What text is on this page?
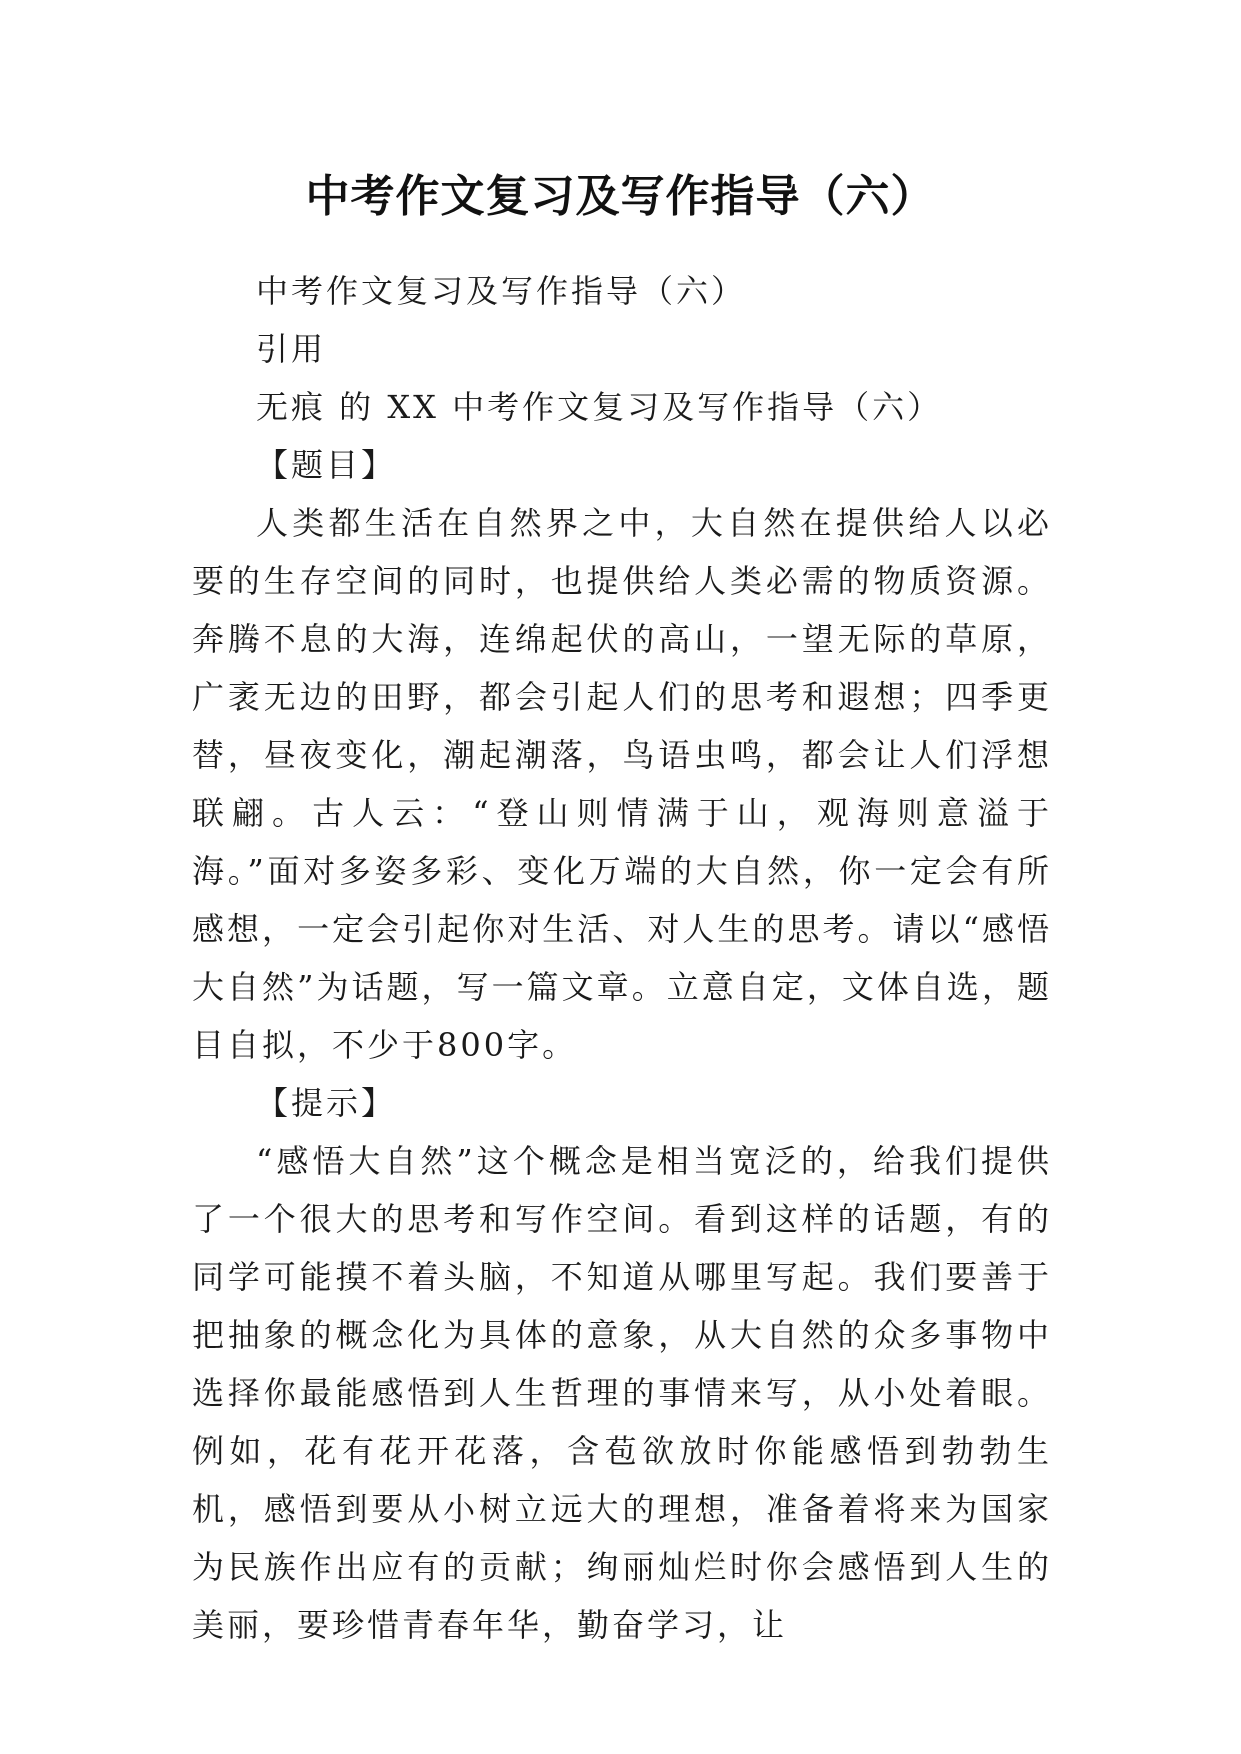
中考作文复习及写作指导（六）
中考作文复习及写作指导（六）
引用
无痕 的 XX 中考作文复习及写作指导（六）
【题目】
人类都生活在自然界之中，大自然在提供给人以必要的生存空间的同时，也提供给人类必需的物质资源。奔腾不息的大海，连绵起伏的高山，一望无际的草原，广袤无边的田野，都会引起人们的思考和遐想；四季更替，昼夜变化，潮起潮落，鸟语虫鸣，都会让人们浮想联翩。古人云：“登山则情满于山，观海则意溢于海。”面对多姿多彩、变化万端的大自然，你一定会有所感想，一定会引起你对生活、对人生的思考。请以“感悟大自然”为话题，写一篇文章。立意自定，文体自选，题目自拟，不少于800字。
【提示】
“感悟大自然”这个概念是相当宽泛的，给我们提供了一个很大的思考和写作空间。看到这样的话题，有的同学可能摸不着头脑，不知道从哪里写起。我们要善于把抽象的概念化为具体的意象，从大自然的众多事物中选择你最能感悟到人生哲理的事情来写，从小处着眼。例如，花有花开花落，含苞欲放时你能感悟到勃勃生机，感悟到要从小树立远大的理想，准备着将来为国家为民族作出应有的贡献；绚丽灿烂时你会感悟到人生的美丽，要珍惜青春年华，勤奋学习，让
